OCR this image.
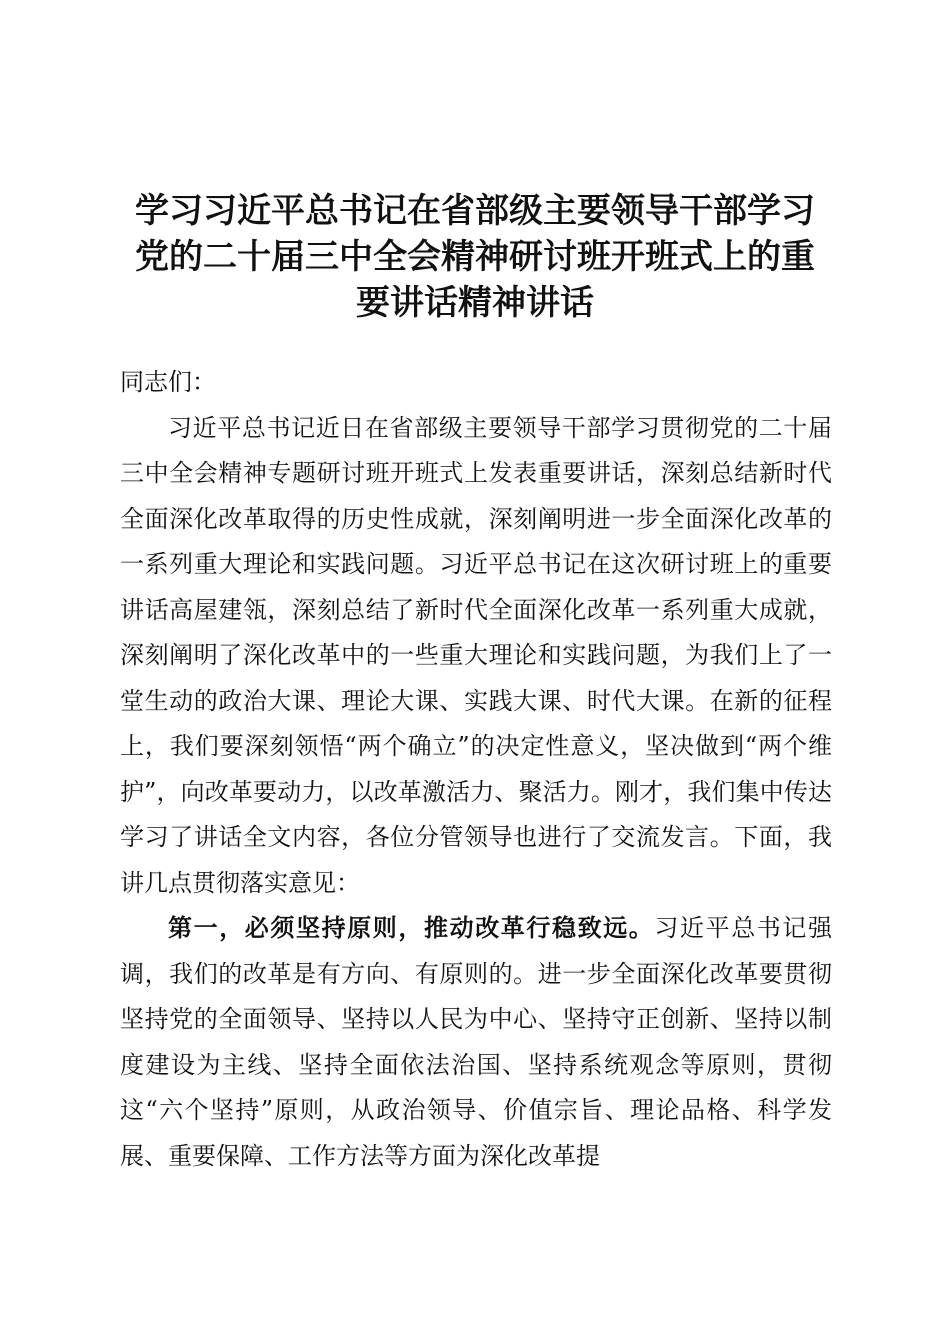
学习习近平总书记在省部级主要领导干部学习
党的二十届三中全会精神研讨班开班式上的重
要讲话精神讲话

同志们：

习近平总书记近日在省部级主要领导干部学习贯彻党的二十届三中全会精神专题研讨班开班式上发表重要讲话，深刻总结新时代全面深化改革取得的历史性成就，深刻阐明进一步全面深化改革的一系列重大理论和实践问题。习近平总书记在这次研讨班上的重要讲话高屋建瓴，深刻总结了新时代全面深化改革一系列重大成就，深刻阐明了深化改革中的一些重大理论和实践问题，为我们上了一堂生动的政治大课、理论大课、实践大课、时代大课。在新的征程上，我们要深刻领悟“两个确立”的决定性意义，坚决做到“两个维护”，向改革要动力，以改革激活力、聚活力。刚才，我们集中传达学习了讲话全文内容，各位分管领导也进行了交流发言。下面，我讲几点贯彻落实意见：

第一，必须坚持原则，推动改革行稳致远。习近平总书记强调，我们的改革是有方向、有原则的。进一步全面深化改革要贯彻坚持党的全面领导、坚持以人民为中心、坚持守正创新、坚持以制度建设为主线、坚持全面依法治国、坚持系统观念等原则，贯彻这“六个坚持”原则，从政治领导、价值宗旨、理论品格、科学发展、重要保障、工作方法等方面为深化改革提
